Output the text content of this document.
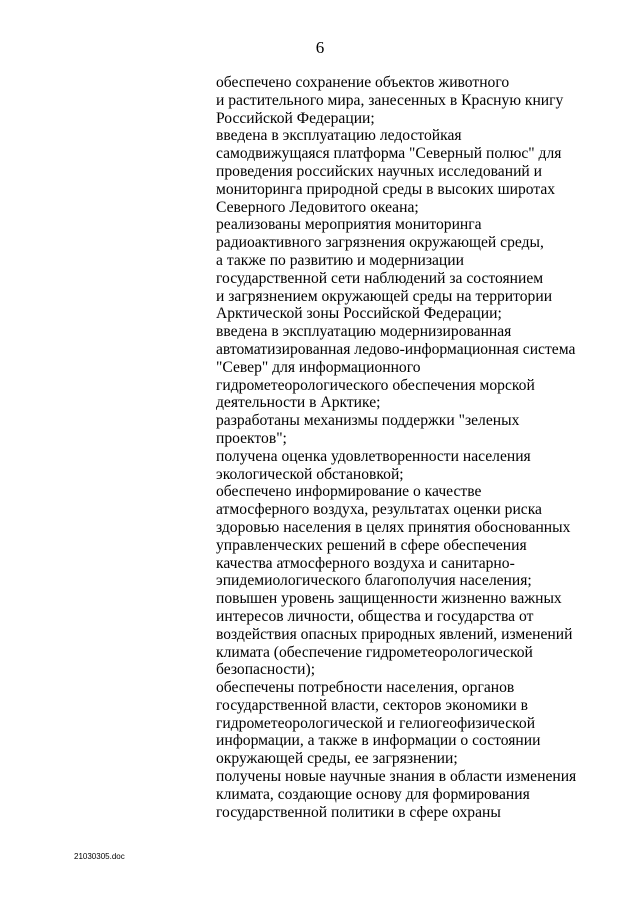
6
обеспечено сохранение объектов животного
и растительного мира, занесенных в Красную книгу
Российской Федерации;
введена в эксплуатацию ледостойкая
самодвижущаяся платформа "Северный полюс" для
проведения российских научных исследований и
мониторинга природной среды в высоких широтах
Северного Ледовитого океана;
реализованы мероприятия мониторинга
радиоактивного загрязнения окружающей среды,
а также по развитию и модернизации
государственной сети наблюдений за состоянием
и загрязнением окружающей среды на территории
Арктической зоны Российской Федерации;
введена в эксплуатацию модернизированная
автоматизированная ледово-информационная система
"Север" для информационного
гидрометеорологического обеспечения морской
деятельности в Арктике;
разработаны механизмы поддержки "зеленых
проектов";
получена оценка удовлетворенности населения
экологической обстановкой;
обеспечено информирование о качестве
атмосферного воздуха, результатах оценки риска
здоровью населения в целях принятия обоснованных
управленческих решений в сфере обеспечения
качества атмосферного воздуха и санитарно-
эпидемиологического благополучия населения;
повышен уровень защищенности жизненно важных
интересов личности, общества и государства от
воздействия опасных природных явлений, изменений
климата (обеспечение гидрометеорологической
безопасности);
обеспечены потребности населения, органов
государственной власти, секторов экономики в
гидрометеорологической и гелиогеофизической
информации, а также в информации о состоянии
окружающей среды, ее загрязнении;
получены новые научные знания в области изменения
климата, создающие основу для формирования
государственной политики в сфере охраны
21030305.doc
